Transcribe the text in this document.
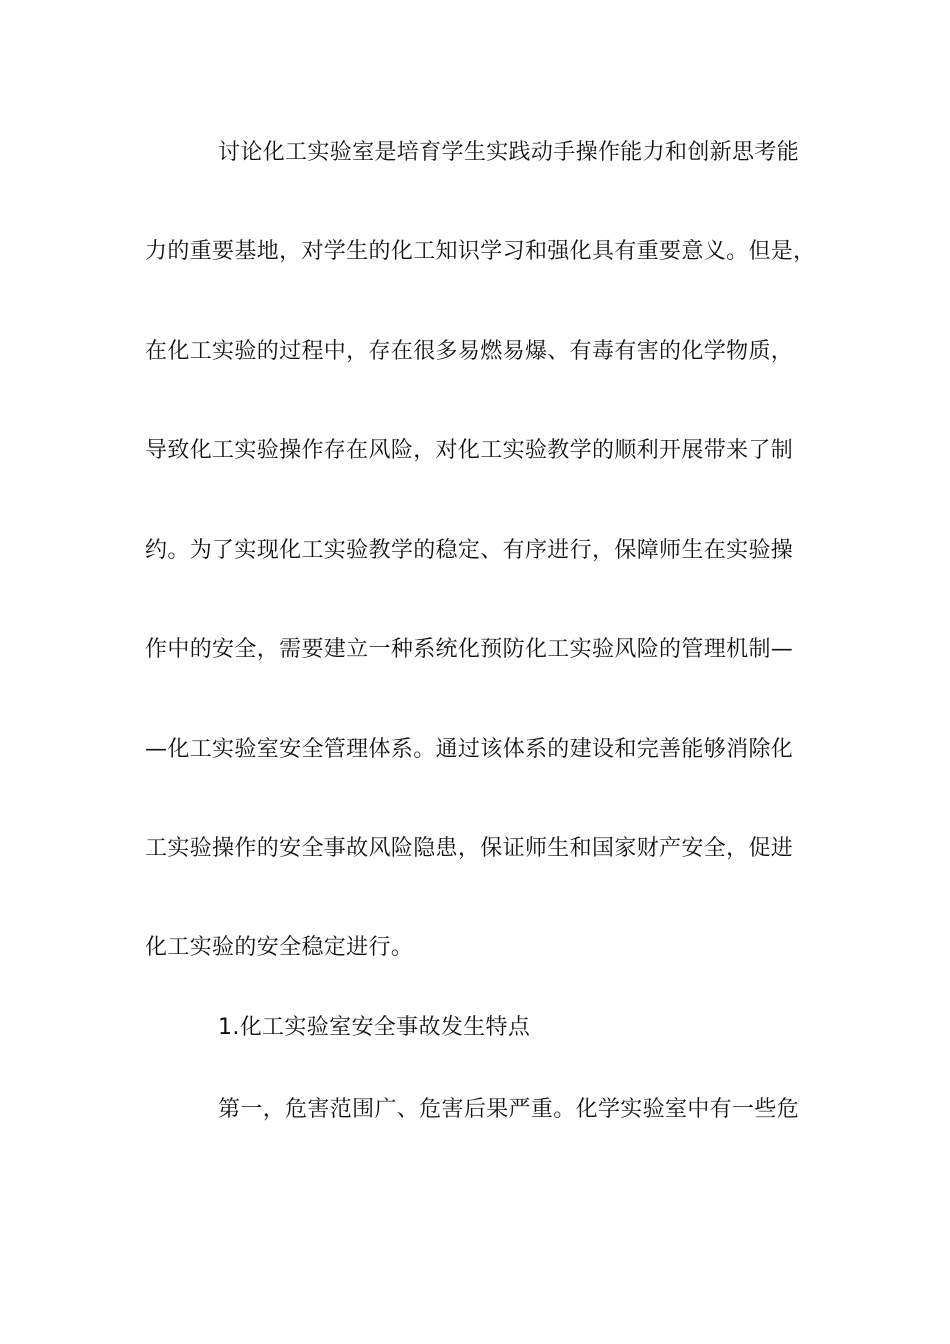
讨论化工实验室是培育学生实践动手操作能力和创新思考能
力的重要基地，对学生的化工知识学习和强化具有重要意义。但是，
在化工实验的过程中，存在很多易燃易爆、有毒有害的化学物质，
导致化工实验操作存在风险，对化工实验教学的顺利开展带来了制
约。为了实现化工实验教学的稳定、有序进行，保障师生在实验操
作中的安全，需要建立一种系统化预防化工实验风险的管理机制—
—化工实验室安全管理体系。通过该体系的建设和完善能够消除化
工实验操作的安全事故风险隐患，保证师生和国家财产安全，促进
化工实验的安全稳定进行。
1.化工实验室安全事故发生特点
第一，危害范围广、危害后果严重。化学实验室中有一些危
